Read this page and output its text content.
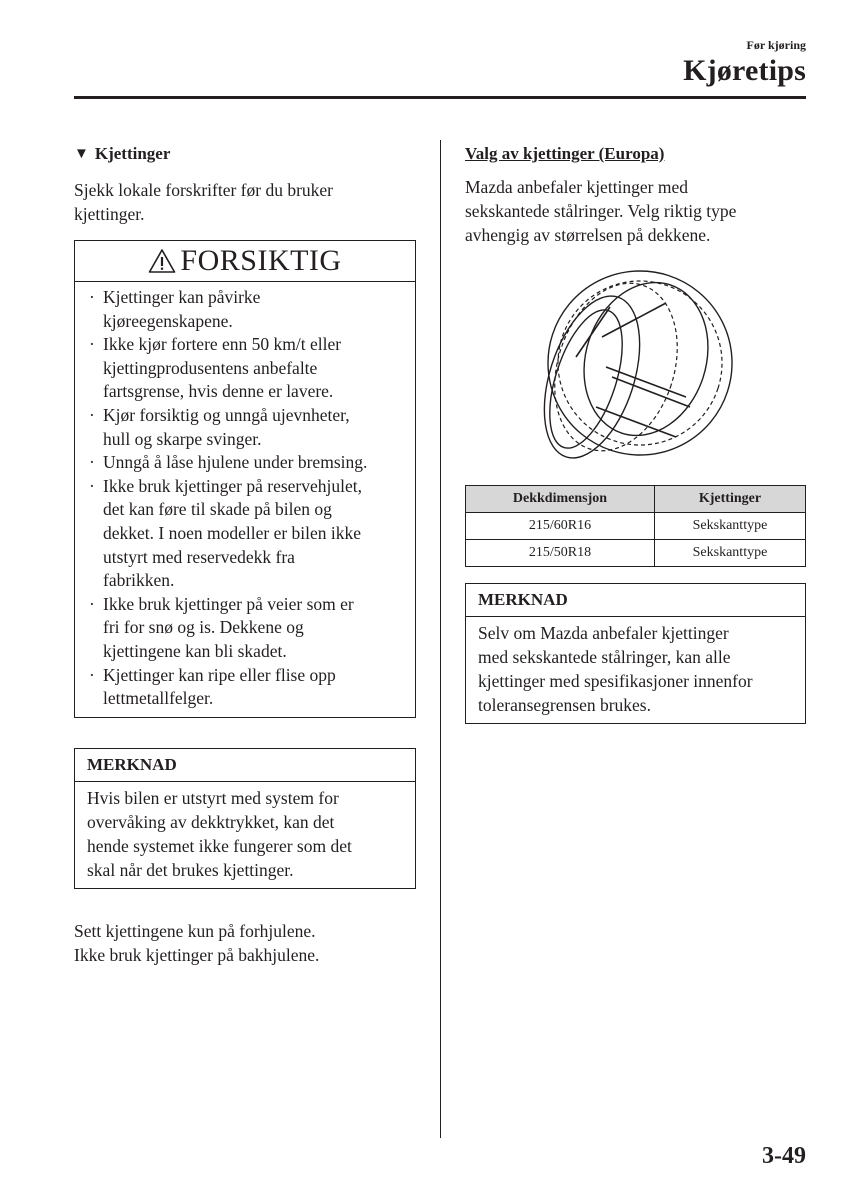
Før kjøring
Kjøretips
▼ Kjettinger
Sjekk lokale forskrifter før du bruker
kjettinger.
FORSIKTIG
· Kjettinger kan påvirke
kjøreegenskapene.
· Ikke kjør fortere enn 50 km/t eller
kjettingprodusentens anbefalte
fartsgrense, hvis denne er lavere.
· Kjør forsiktig og unngå ujevnheter,
hull og skarpe svinger.
· Unngå å låse hjulene under bremsing.
· Ikke bruk kjettinger på reservehjulet,
det kan føre til skade på bilen og
dekket. I noen modeller er bilen ikke
utstyrt med reservedekk fra
fabrikken.
· Ikke bruk kjettinger på veier som er
fri for snø og is. Dekkene og
kjettingene kan bli skadet.
· Kjettinger kan ripe eller flise opp
lettmetallfelger.
MERKNAD
Hvis bilen er utstyrt med system for
overvåking av dekktrykket, kan det
hende systemet ikke fungerer som det
skal når det brukes kjettinger.
Sett kjettingene kun på forhjulene.
Ikke bruk kjettinger på bakhjulene.
Valg av kjettinger (Europa)
Mazda anbefaler kjettinger med
sekskantede stålringer. Velg riktig type
avhengig av størrelsen på dekkene.
Dekkdimensjon	Kjettinger
215/60R16	Sekskanttype
215/50R18	Sekskanttype
MERKNAD
Selv om Mazda anbefaler kjettinger
med sekskantede stålringer, kan alle
kjettinger med spesifikasjoner innenfor
toleransegrensen brukes.
3-49
